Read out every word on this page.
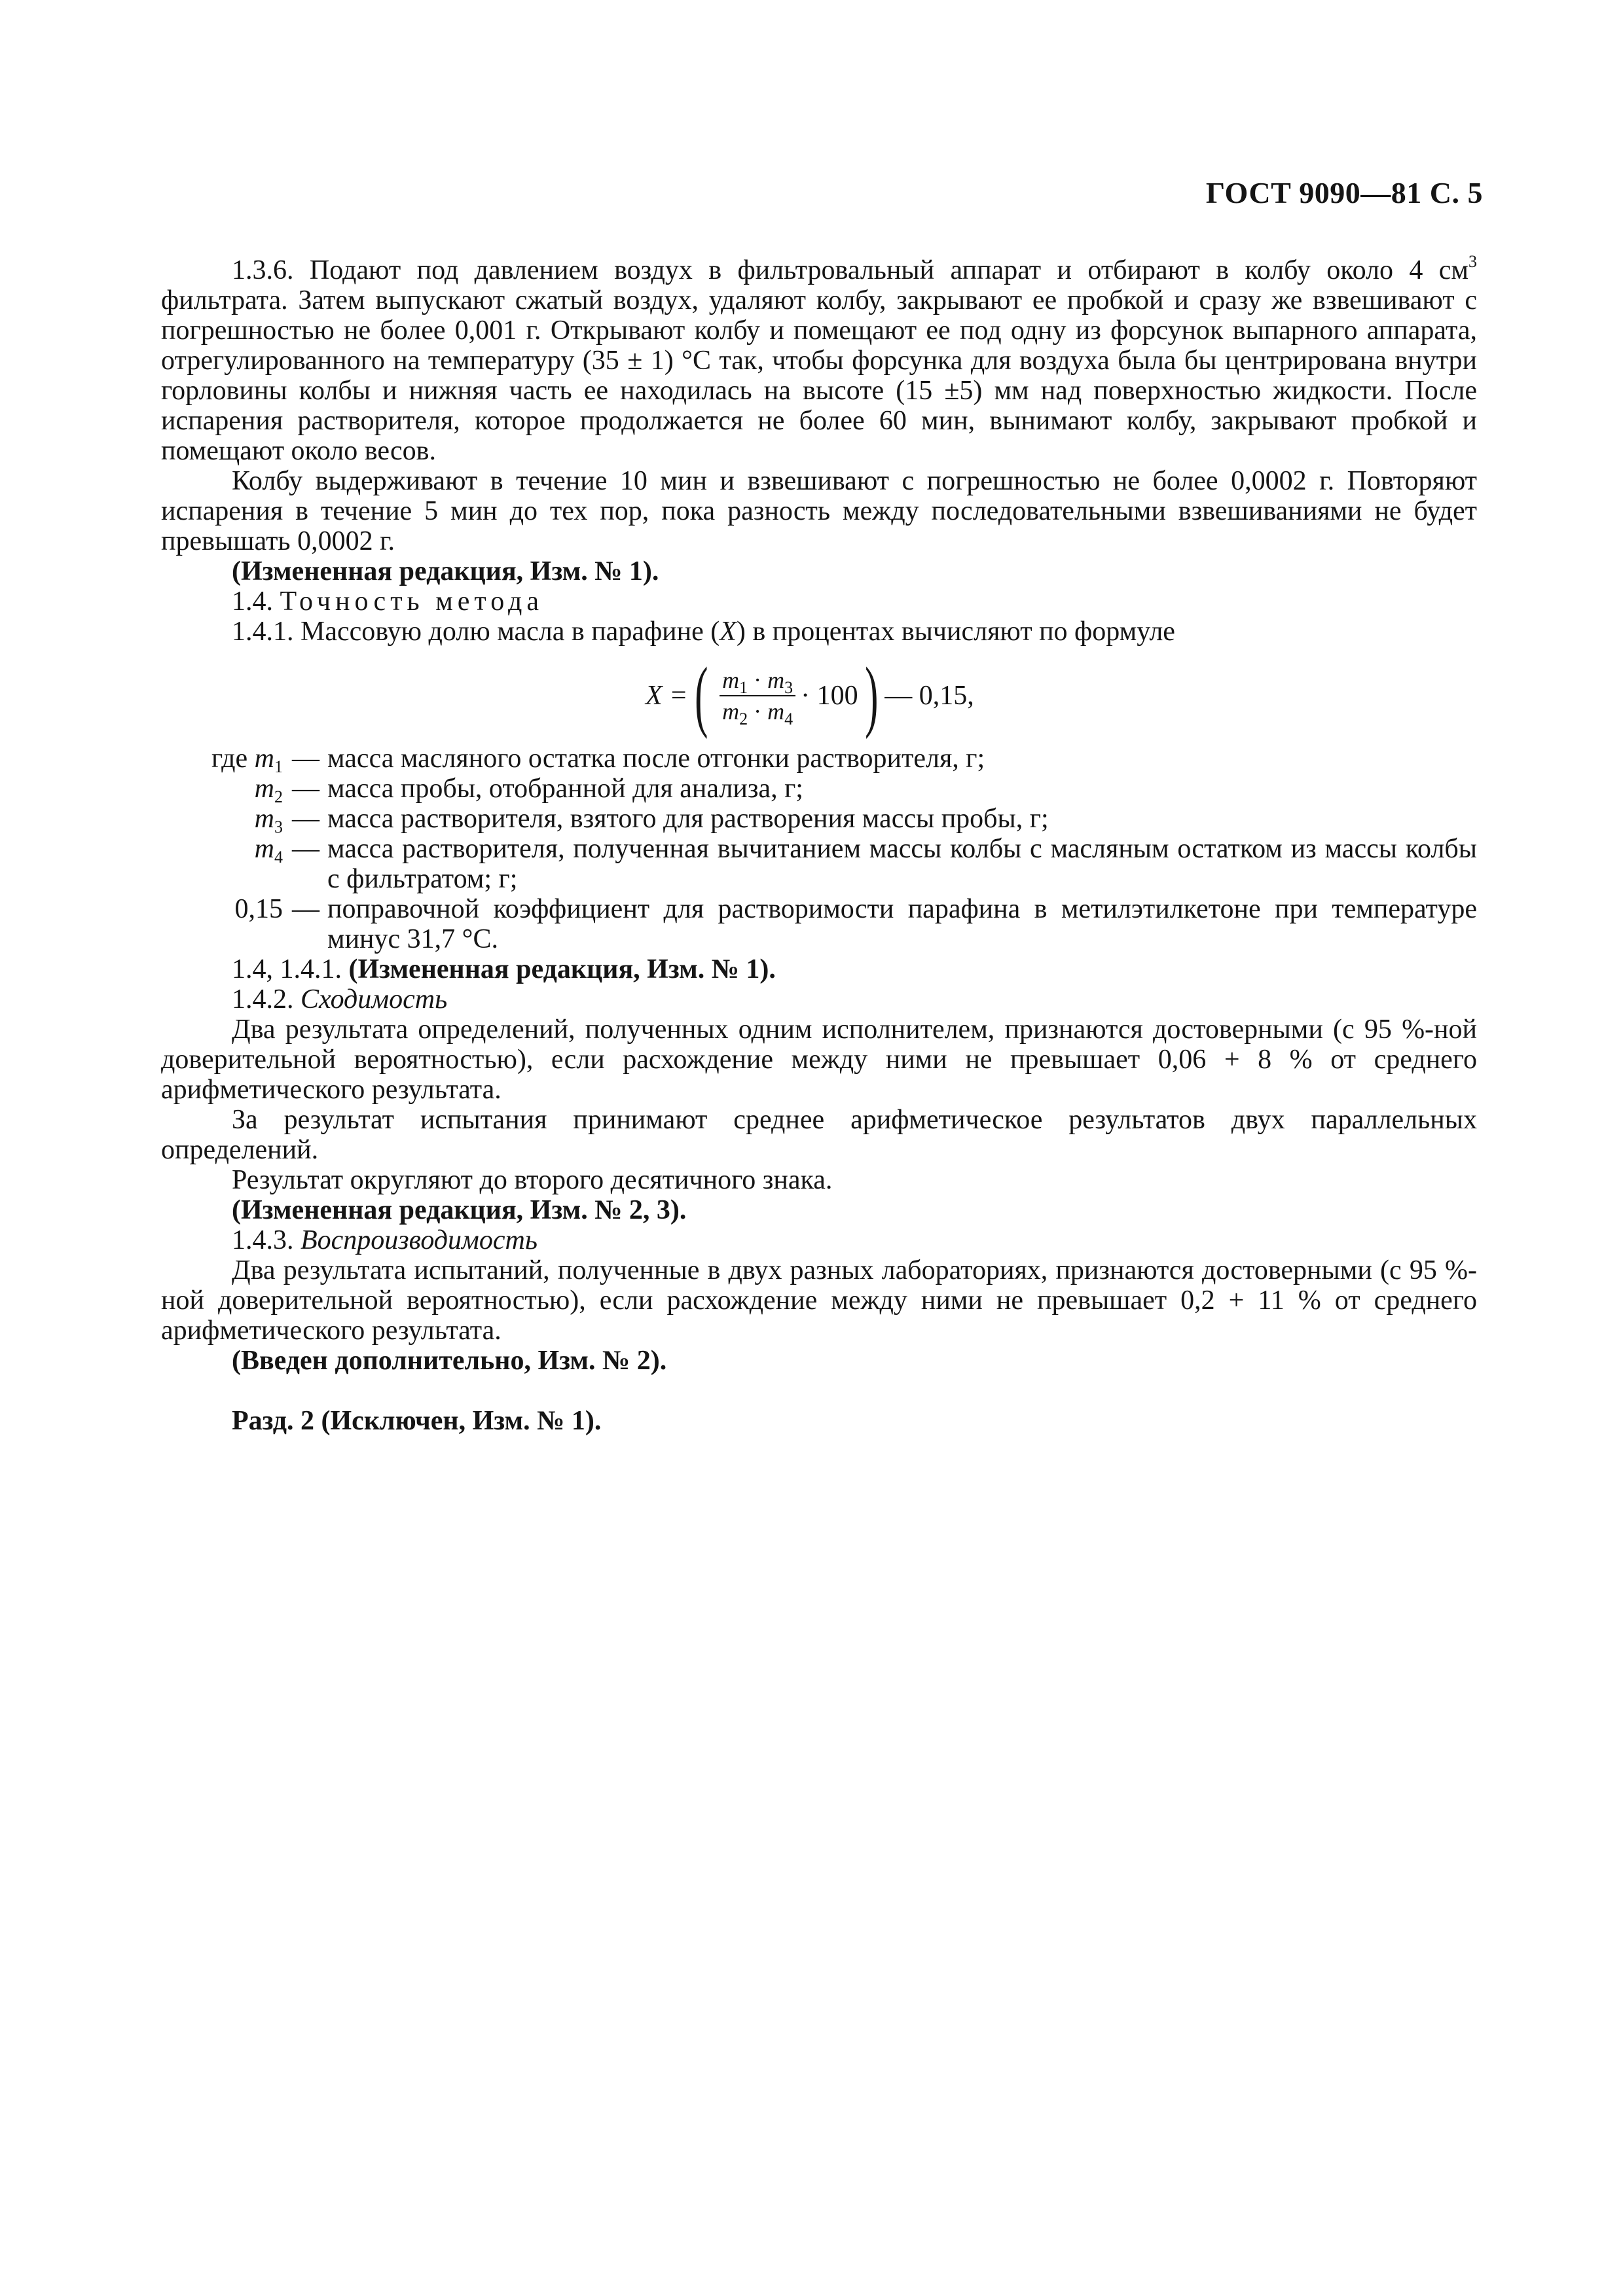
ГОСТ 9090—81 С. 5

1.3.6. Подают под давлением воздух в фильтровальный аппарат и отбирают в колбу около 4 $см^3$ фильтрата. Затем выпускают сжатый воздух, удаляют колбу, закрывают ее пробкой и сразу же взвешивают с погрешностью не более 0,001 г. Открывают колбу и помещают ее под одну из форсунок выпарного аппарата, отрегулированного на температуру (35 ± 1) °С так, чтобы форсунка для воздуха была бы центрирована внутри горловины колбы и нижняя часть ее находилась на высоте (15 ±5) мм над поверхностью жидкости. После испарения растворителя, которое продолжается не более 60 мин, вынимают колбу, закрывают пробкой и помещают около весов.

Колбу выдерживают в течение 10 мин и взвешивают с погрешностью не более 0,0002 г. Повторяют испарения в течение 5 мин до тех пор, пока разность между последовательными взвешиваниями не будет превышать 0,0002 г.

(Измененная редакция, Изм. № 1).

1.4. Точность метода

1.4.1. Массовую долю масла в парафине (X) в процентах вычисляют по формуле

X = ( $\frac{m_1 \cdot m_3}{m_2 \cdot m_4} \cdot 100$ ) — 0,15,
где $m_1$ — масса масляного остатка после отгонки растворителя, г;
$m_2$ — масса пробы, отобранной для анализа, г;
$m_3$ — масса растворителя, взятого для растворения массы пробы, г;
$m_4$ — масса растворителя, полученная вычитанием массы колбы с масляным остатком из массы колбы с фильтратом; г;
0,15 — поправочной коэффициент для растворимости парафина в метилэтилкетоне при температуре минус 31,7 °С.

1.4, 1.4.1. (Измененная редакция, Изм. № 1).

1.4.2. Сходимость

Два результата определений, полученных одним исполнителем, признаются достоверными (с 95 %-ной доверительной вероятностью), если расхождение между ними не превышает 0,06 + 8 % от среднего арифметического результата.

За результат испытания принимают среднее арифметическое результатов двух параллельных определений.

Результат округляют до второго десятичного знака.

(Измененная редакция, Изм. № 2, 3).

1.4.3. Воспроизводимость

Два результата испытаний, полученные в двух разных лабораториях, признаются достоверными (с 95 %-ной доверительной вероятностью), если расхождение между ними не превышает 0,2 + 11 % от среднего арифметического результата.

(Введен дополнительно, Изм. № 2).

Разд. 2 (Исключен, Изм. № 1).
